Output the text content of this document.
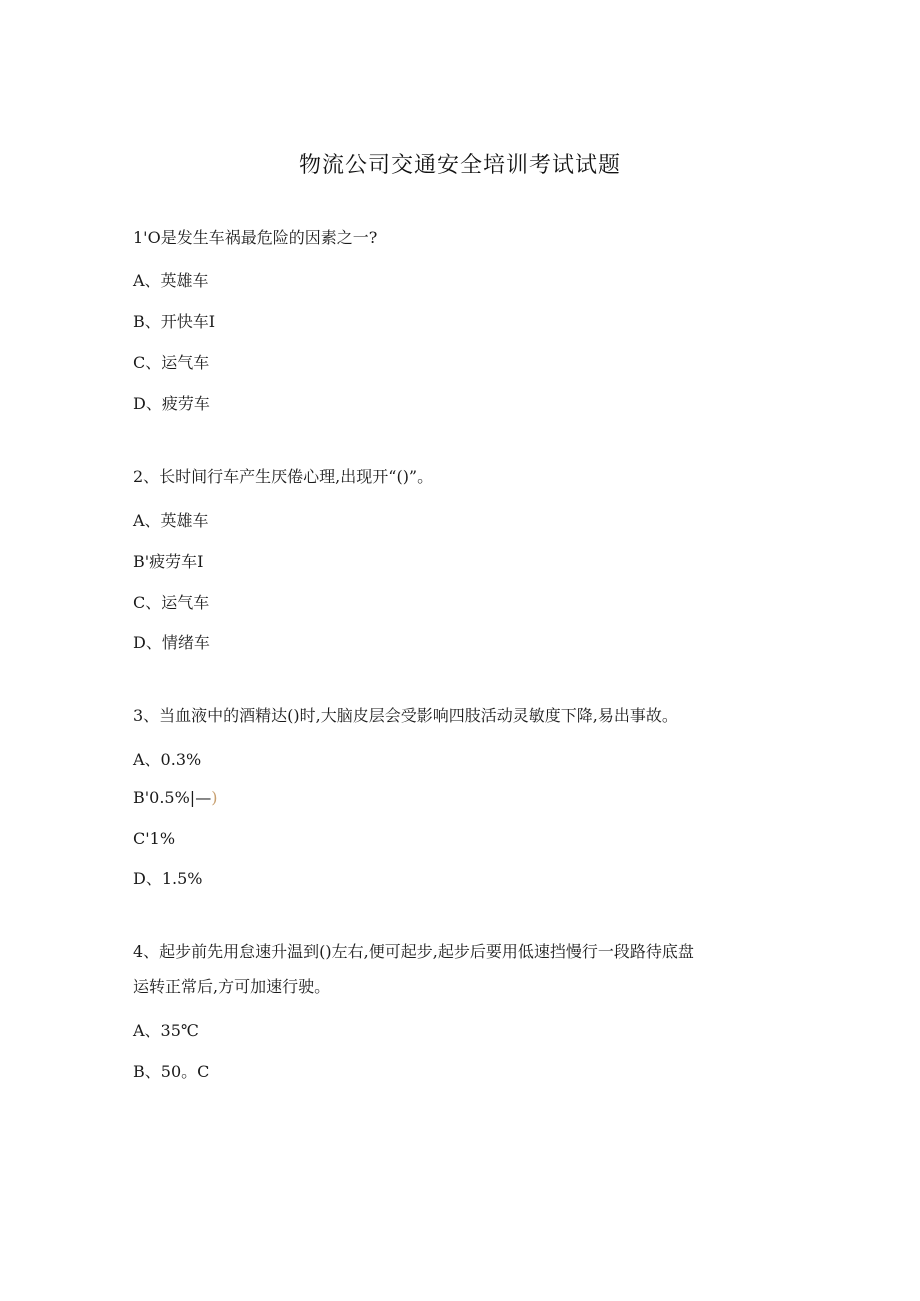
物流公司交通安全培训考试试题
1'O是发生车祸最危险的因素之一?
A、英雄车
B、开快车I
C、运气车
D、疲劳车
2、长时间行车产生厌倦心理,出现开“()”。
A、英雄车
B'疲劳车I
C、运气车
D、情绪车
3、当血液中的酒精达()时,大脑皮层会受影响四肢活动灵敏度下降,易出事故。
A、0.3%
B'0.5%|—)
C'1%
D、1.5%
4、起步前先用怠速升温到()左右,便可起步,起步后要用低速挡慢行一段路待底盘
运转正常后,方可加速行驶。
A、35℃
B、50。C
